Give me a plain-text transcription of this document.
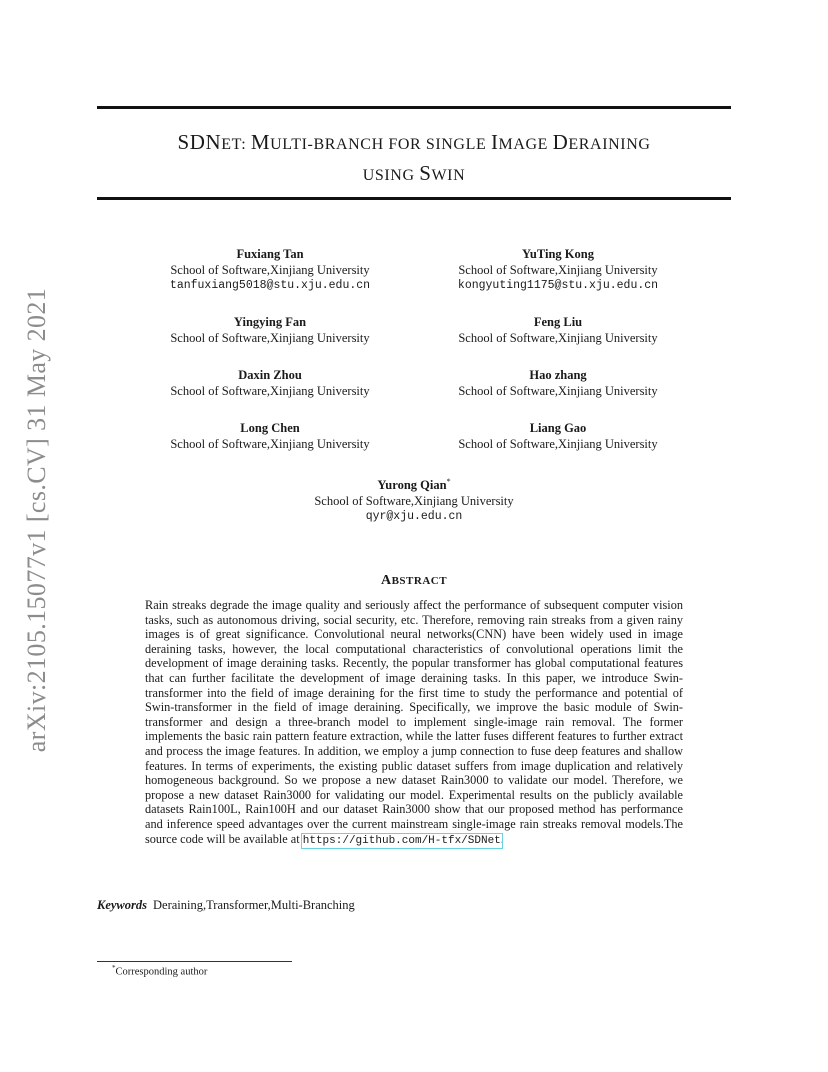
SDNET: MULTI-BRANCH FOR SINGLE IMAGE DERAINING
USING SWIN
arXiv:2105.15077v1 [cs.CV] 31 May 2021
Fuxiang Tan
School of Software,Xinjiang University
tanfuxiang5018@stu.xju.edu.cn
YuTing Kong
School of Software,Xinjiang University
kongyuting1175@stu.xju.edu.cn
Yingying Fan
School of Software,Xinjiang University
Feng Liu
School of Software,Xinjiang University
Daxin Zhou
School of Software,Xinjiang University
Hao zhang
School of Software,Xinjiang University
Long Chen
School of Software,Xinjiang University
Liang Gao
School of Software,Xinjiang University
Yurong Qian*
School of Software,Xinjiang University
qyr@xju.edu.cn
ABSTRACT
Rain streaks degrade the image quality and seriously affect the performance of subsequent computer vision tasks, such as autonomous driving, social security, etc. Therefore, removing rain streaks from a given rainy images is of great significance. Convolutional neural networks(CNN) have been widely used in image deraining tasks, however, the local computational characteristics of convolutional operations limit the development of image deraining tasks. Recently, the popular transformer has global computational features that can further facilitate the development of image deraining tasks. In this paper, we introduce Swin-transformer into the field of image deraining for the first time to study the performance and potential of Swin-transformer in the field of image deraining. Specifically, we improve the basic module of Swin-transformer and design a three-branch model to implement single-image rain removal. The former implements the basic rain pattern feature extraction, while the latter fuses different features to further extract and process the image features. In addition, we employ a jump connection to fuse deep features and shallow features. In terms of experiments, the existing public dataset suffers from image duplication and relatively homogeneous background. So we propose a new dataset Rain3000 to validate our model. Therefore, we propose a new dataset Rain3000 for validating our model. Experimental results on the publicly available datasets Rain100L, Rain100H and our dataset Rain3000 show that our proposed method has performance and inference speed advantages over the current mainstream single-image rain streaks removal models.The source code will be available at https://github.com/H-tfx/SDNet.
Keywords Deraining,Transformer,Multi-Branching
*Corresponding author
